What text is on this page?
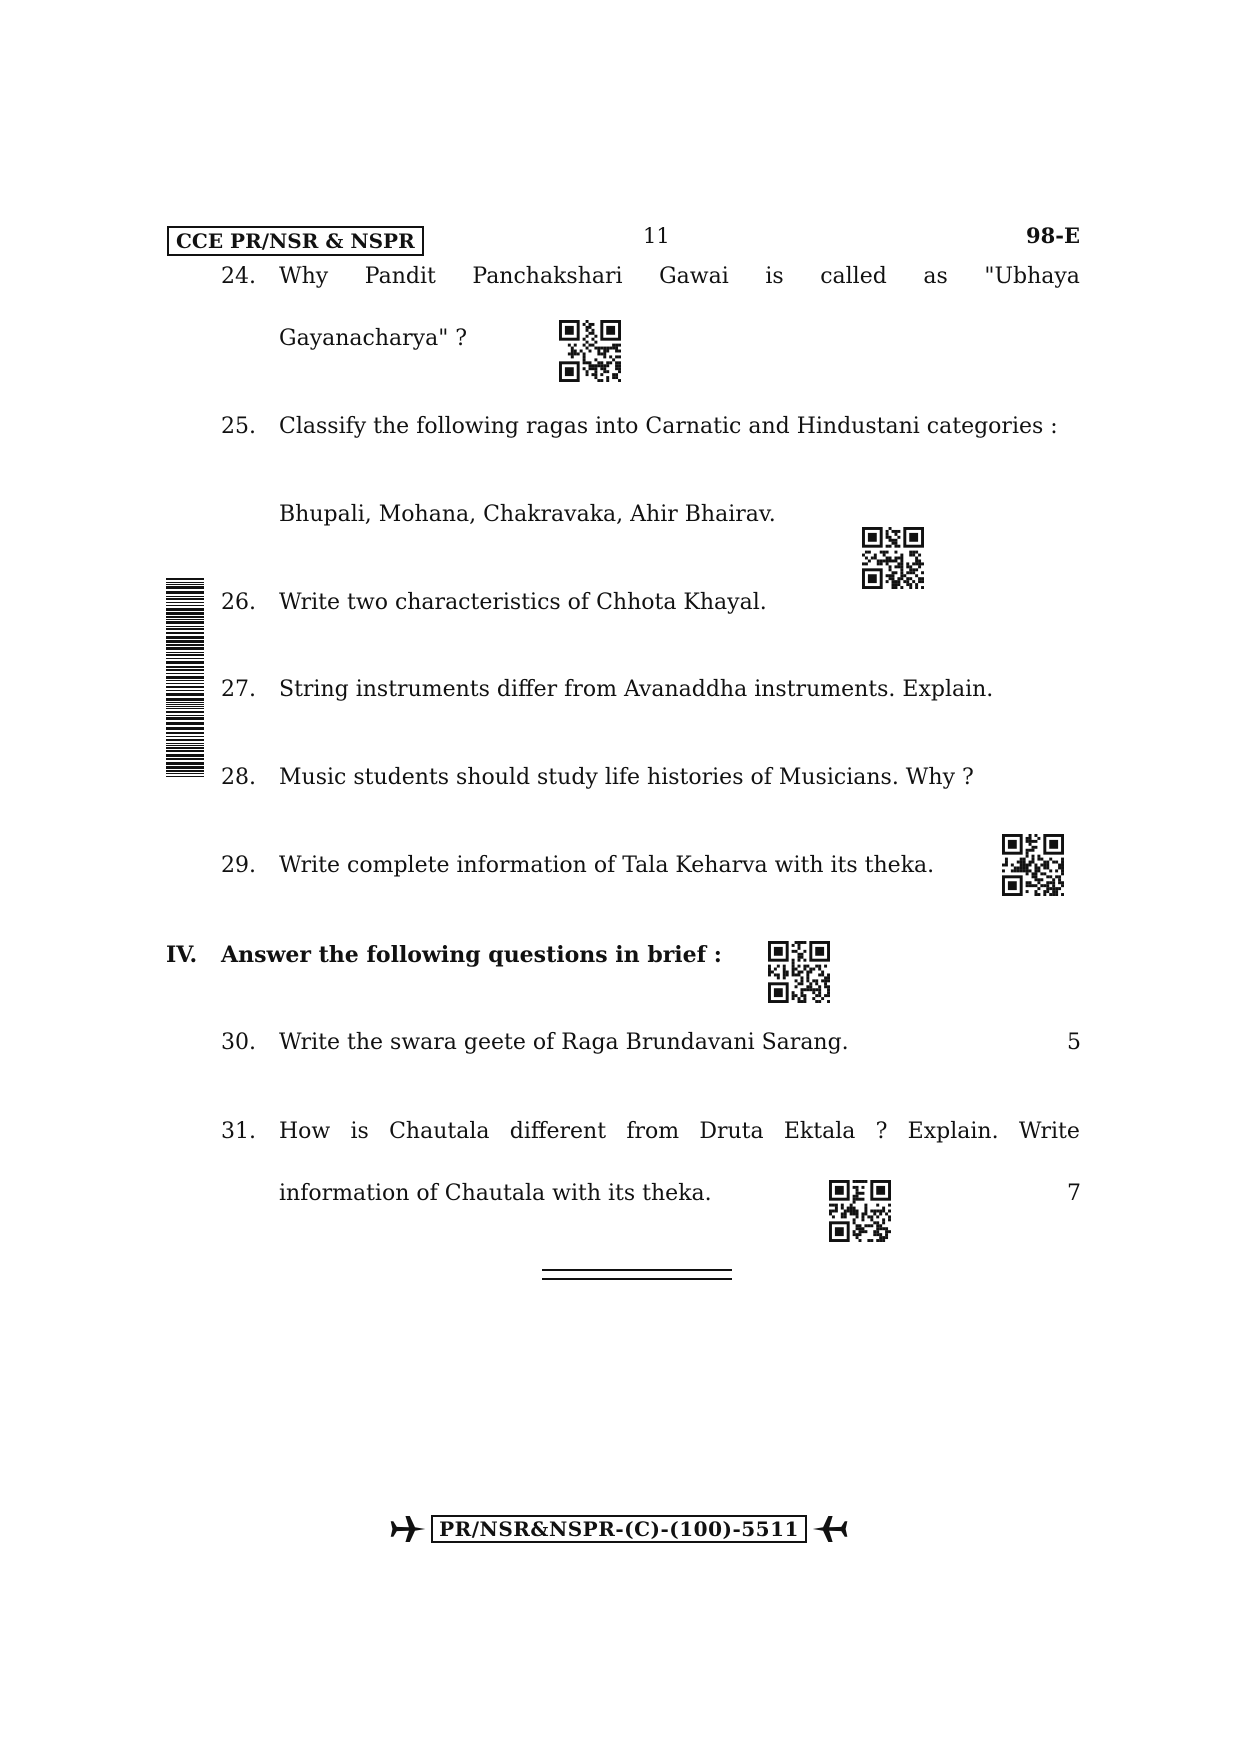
CCE PR/NSR & NSPR	11	98-E
24. Why Pandit Panchakshari Gawai is called as "Ubhaya
Gayanacharya" ?
25. Classify the following ragas into Carnatic and Hindustani categories :
Bhupali, Mohana, Chakravaka, Ahir Bhairav.
26. Write two characteristics of Chhota Khayal.
27. String instruments differ from Avanaddha instruments. Explain.
28. Music students should study life histories of Musicians. Why ?
29. Write complete information of Tala Keharva with its theka.
IV. Answer the following questions in brief :
30. Write the swara geete of Raga Brundavani Sarang.	5
31. How is Chautala different from Druta Ektala ? Explain. Write
information of Chautala with its theka.	7
PR/NSR&NSPR-(C)-(100)-5511
